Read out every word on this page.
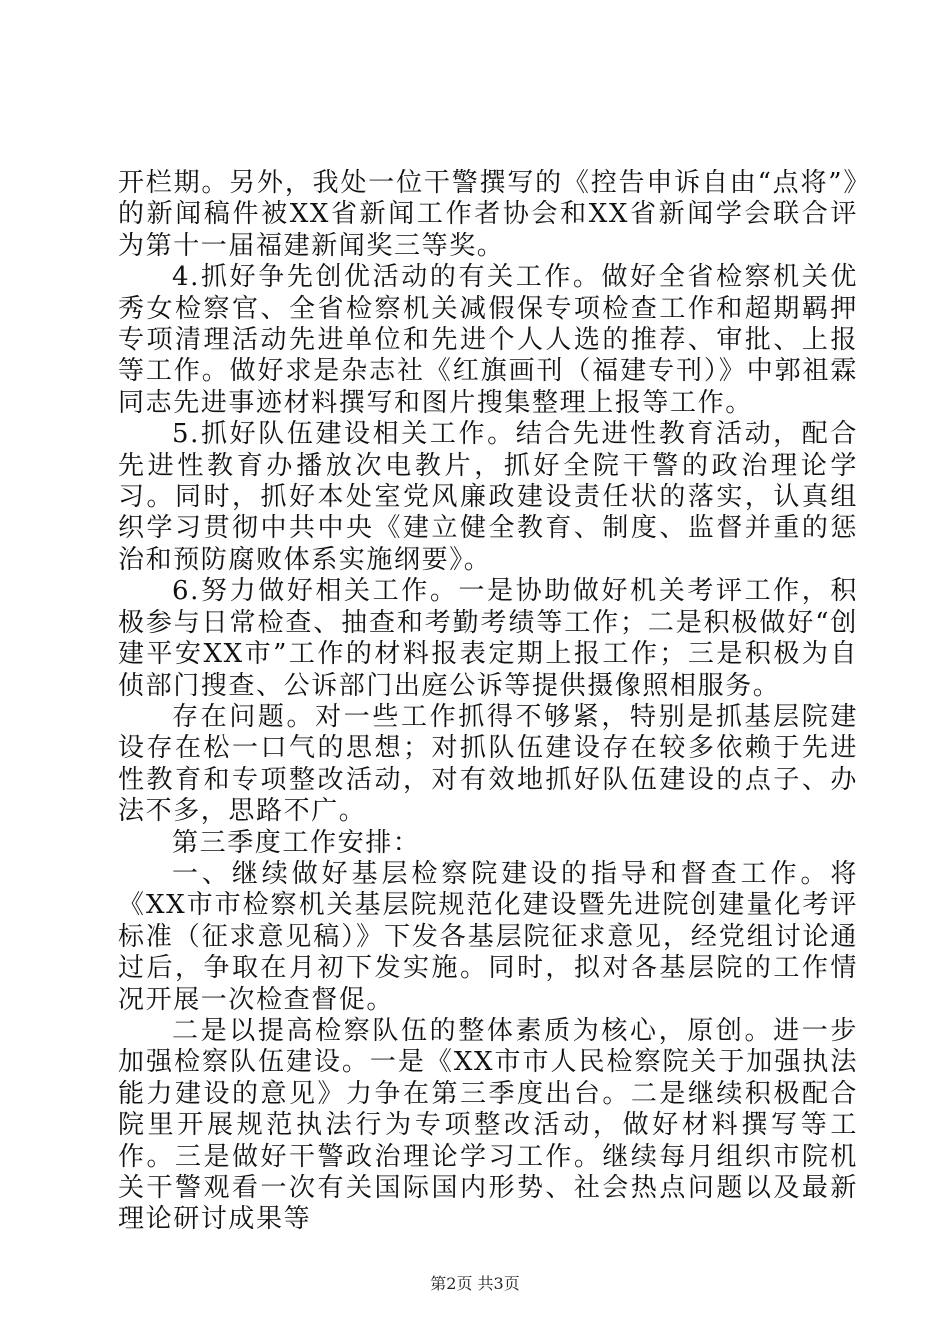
开栏期。另外，我处一位干警撰写的《控告申诉自由“点将”》的新闻稿件被XX省新闻工作者协会和XX省新闻学会联合评为第十一届福建新闻奖三等奖。

4.抓好争先创优活动的有关工作。做好全省检察机关优秀女检察官、全省检察机关减假保专项检查工作和超期羁押专项清理活动先进单位和先进个人人选的推荐、审批、上报等工作。做好求是杂志社《红旗画刊（福建专刊）》中郭祖霖同志先进事迹材料撰写和图片搜集整理上报等工作。

5.抓好队伍建设相关工作。结合先进性教育活动，配合先进性教育办播放次电教片，抓好全院干警的政治理论学习。同时，抓好本处室党风廉政建设责任状的落实，认真组织学习贯彻中共中央《建立健全教育、制度、监督并重的惩治和预防腐败体系实施纲要》。

6.努力做好相关工作。一是协助做好机关考评工作，积极参与日常检查、抽查和考勤考绩等工作；二是积极做好“创建平安XX市”工作的材料报表定期上报工作；三是积极为自侦部门搜查、公诉部门出庭公诉等提供摄像照相服务。

存在问题。对一些工作抓得不够紧，特别是抓基层院建设存在松一口气的思想；对抓队伍建设存在较多依赖于先进性教育和专项整改活动，对有效地抓好队伍建设的点子、办法不多，思路不广。

第三季度工作安排：

一、继续做好基层检察院建设的指导和督查工作。将《XX市市检察机关基层院规范化建设暨先进院创建量化考评标准（征求意见稿）》下发各基层院征求意见，经党组讨论通过后，争取在月初下发实施。同时，拟对各基层院的工作情况开展一次检查督促。

二是以提高检察队伍的整体素质为核心，原创。进一步加强检察队伍建设。一是《XX市市人民检察院关于加强执法能力建设的意见》力争在第三季度出台。二是继续积极配合院里开展规范执法行为专项整改活动，做好材料撰写等工作。三是做好干警政治理论学习工作。继续每月组织市院机关干警观看一次有关国际国内形势、社会热点问题以及最新理论研讨成果等

第2页 共3页
